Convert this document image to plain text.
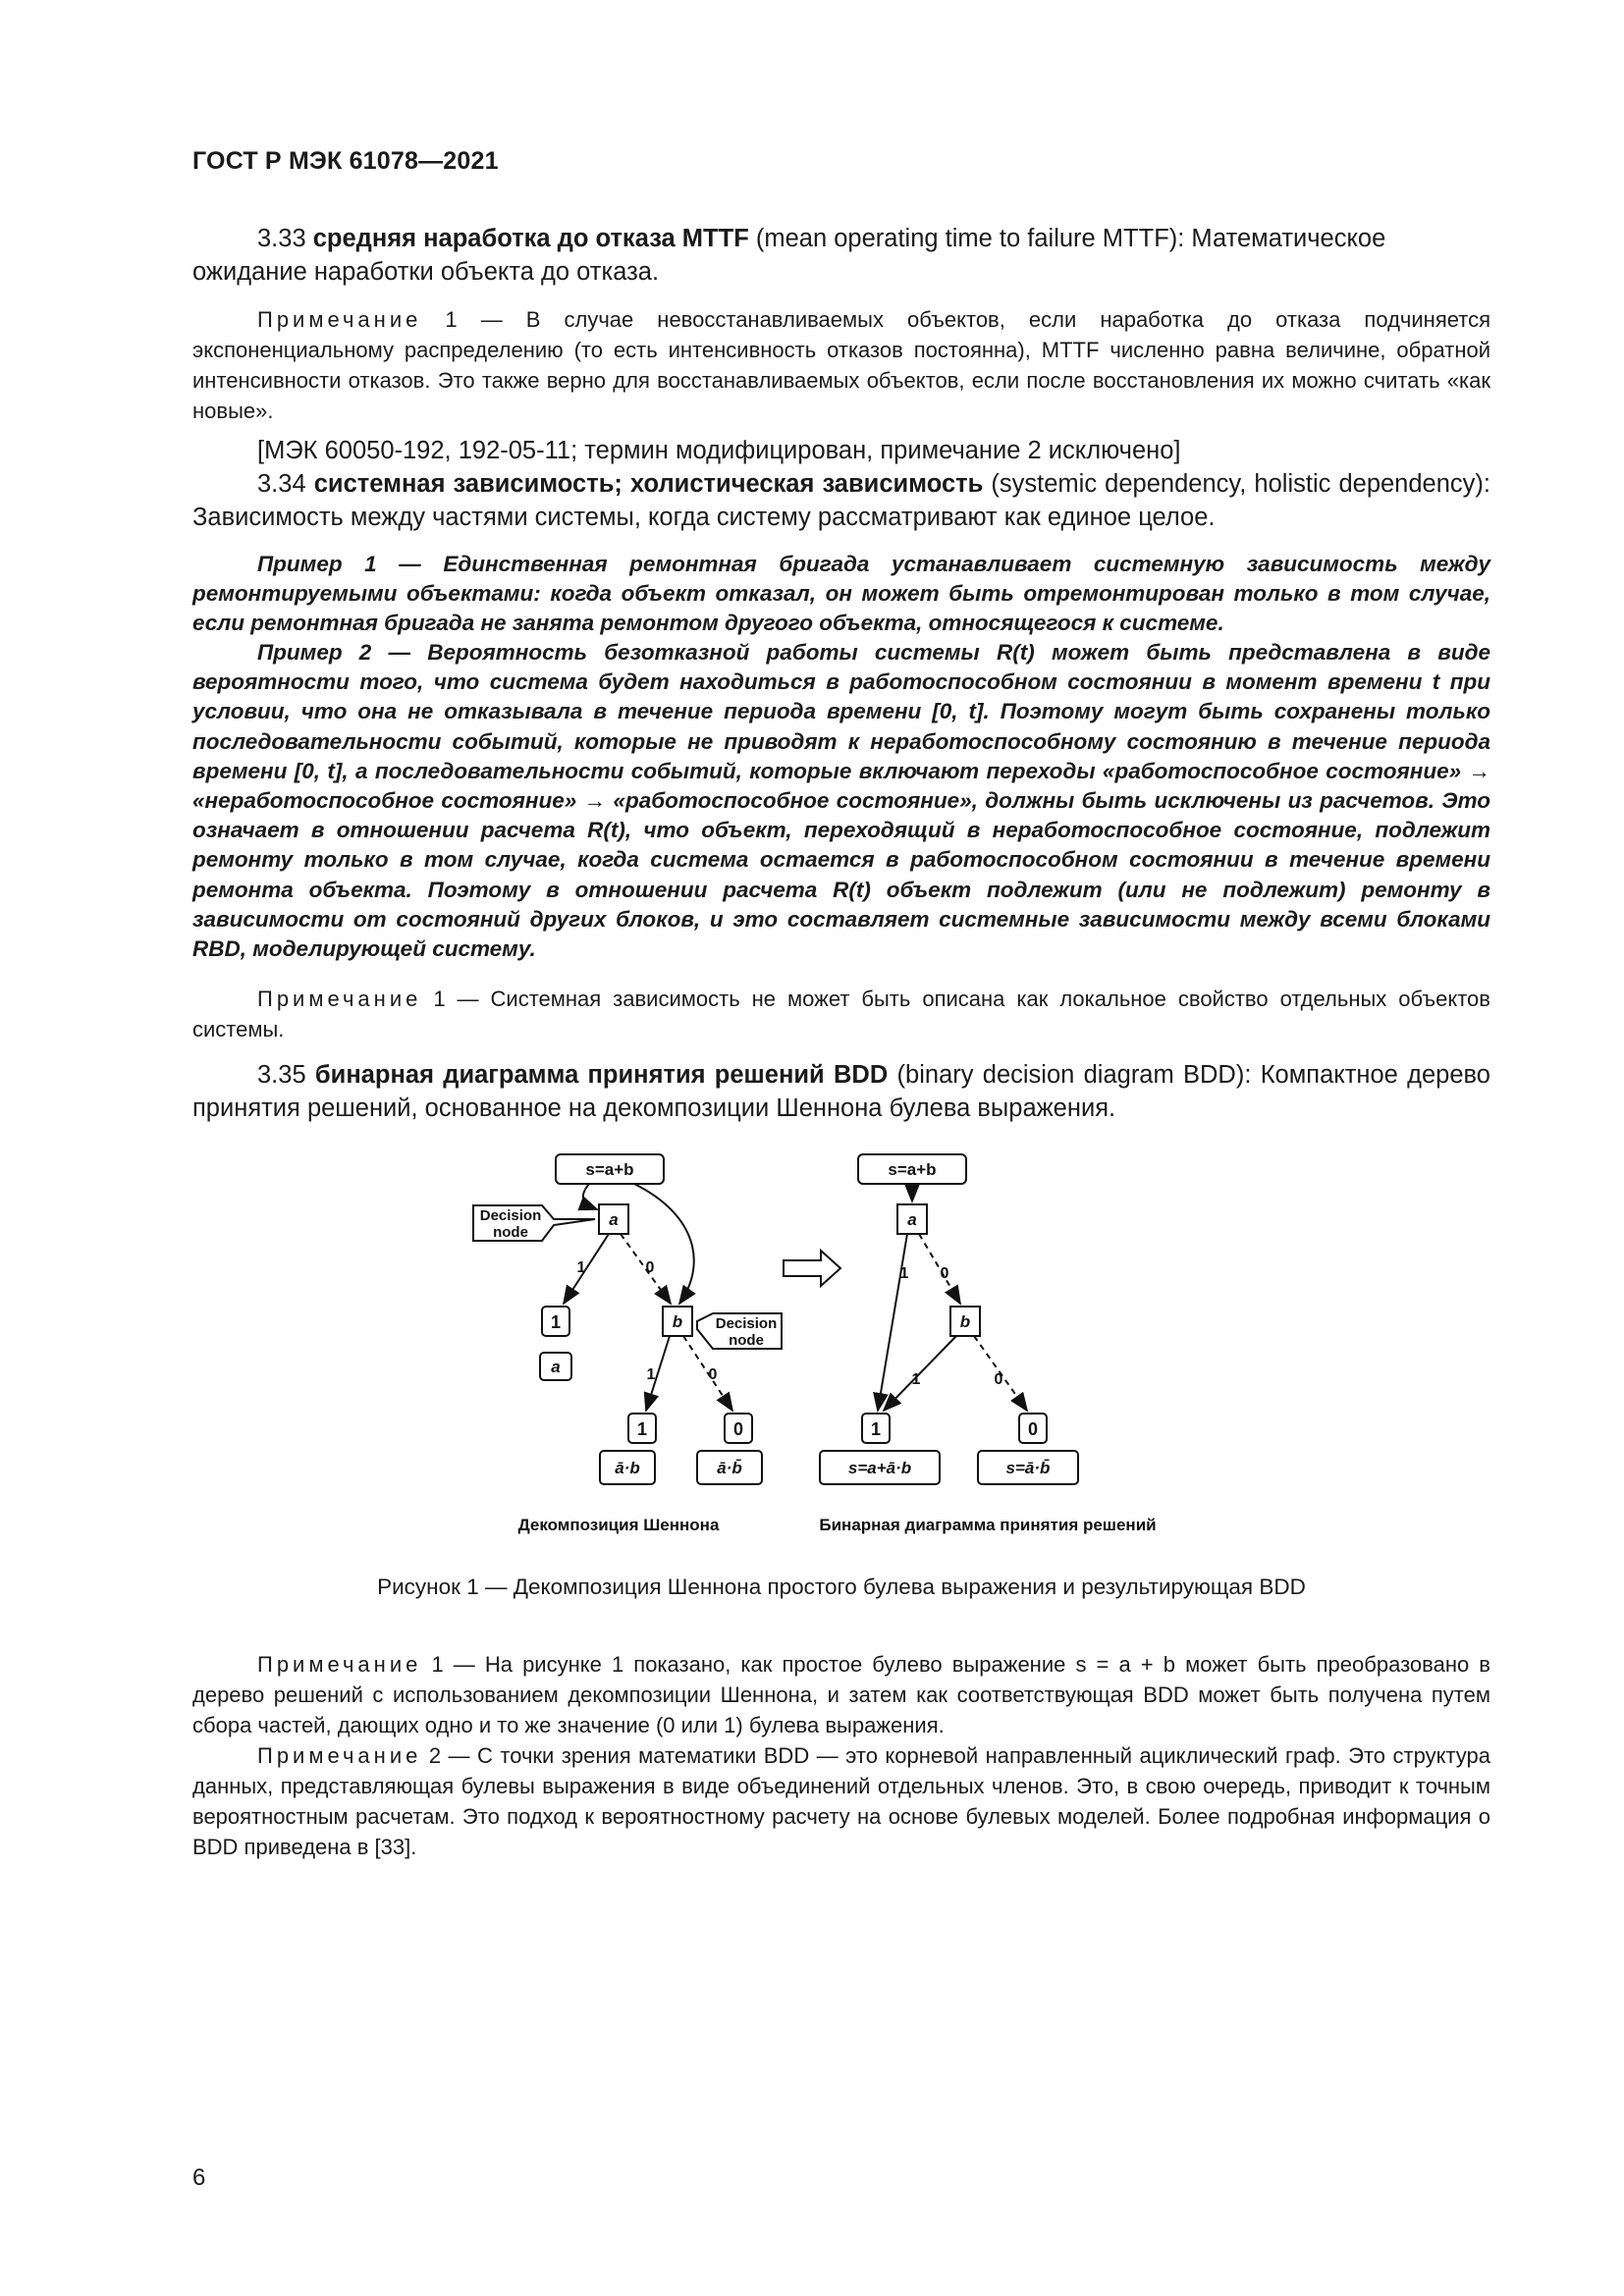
ГОСТ Р МЭК 61078—2021
3.33 средняя наработка до отказа MTTF (mean operating time to failure MTTF): Математическое ожидание наработки объекта до отказа.
Примечание 1 — В случае невосстанавливаемых объектов, если наработка до отказа подчиняется экспоненциальному распределению (то есть интенсивность отказов постоянна), MTTF численно равна величине, обратной интенсивности отказов. Это также верно для восстанавливаемых объектов, если после восстановления их можно считать «как новые».
[МЭК 60050-192, 192-05-11; термин модифицирован, примечание 2 исключено]
3.34 системная зависимость; холистическая зависимость (systemic dependency, holistic dependency): Зависимость между частями системы, когда систему рассматривают как единое целое.
Пример 1 — Единственная ремонтная бригада устанавливает системную зависимость между ремонтируемыми объектами: когда объект отказал, он может быть отремонтирован только в том случае, если ремонтная бригада не занята ремонтом другого объекта, относящегося к системе.
Пример 2 — Вероятность безотказной работы системы R(t) может быть представлена в виде вероятности того, что система будет находиться в работоспособном состоянии в момент времени t при условии, что она не отказывала в течение периода времени [0, t]. Поэтому могут быть сохранены только последовательности событий, которые не приводят к неработоспособному состоянию в течение периода времени [0, t], а последовательности событий, которые включают переходы «работоспособное состояние» → «неработоспособное состояние» → «работоспособное состояние», должны быть исключены из расчетов. Это означает в отношении расчета R(t), что объект, переходящий в неработоспособное состояние, подлежит ремонту только в том случае, когда система остается в работоспособном состоянии в течение времени ремонта объекта. Поэтому в отношении расчета R(t) объект подлежит (или не подлежит) ремонту в зависимости от состояний других блоков, и это составляет системные зависимости между всеми блоками RBD, моделирующей систему.
Примечание 1 — Системная зависимость не может быть описана как локальное свойство отдельных объектов системы.
3.35 бинарная диаграмма принятия решений BDD (binary decision diagram BDD): Компактное дерево принятия решений, основанное на декомпозиции Шеннона булева выражения.
s=a+b
a
b
1
a
1	0
ā·b	ā·b̄
1	0
1	0
s=a+b
a
b
1	0
s=a+ā·b	s=ā·b̄
1 0
1	0
Decision node
Decision node
Декомпозиция Шеннона	Бинарная диаграмма принятия решений
Рисунок 1 — Декомпозиция Шеннона простого булева выражения и результирующая BDD
Примечание 1 — На рисунке 1 показано, как простое булево выражение s = a + b может быть преобразовано в дерево решений с использованием декомпозиции Шеннона, и затем как соответствующая BDD может быть получена путем сбора частей, дающих одно и то же значение (0 или 1) булева выражения.
Примечание 2 — С точки зрения математики BDD — это корневой направленный ациклический граф. Это структура данных, представляющая булевы выражения в виде объединений отдельных членов. Это, в свою очередь, приводит к точным вероятностным расчетам. Это подход к вероятностному расчету на основе булевых моделей. Более подробная информация о BDD приведена в [33].
6
